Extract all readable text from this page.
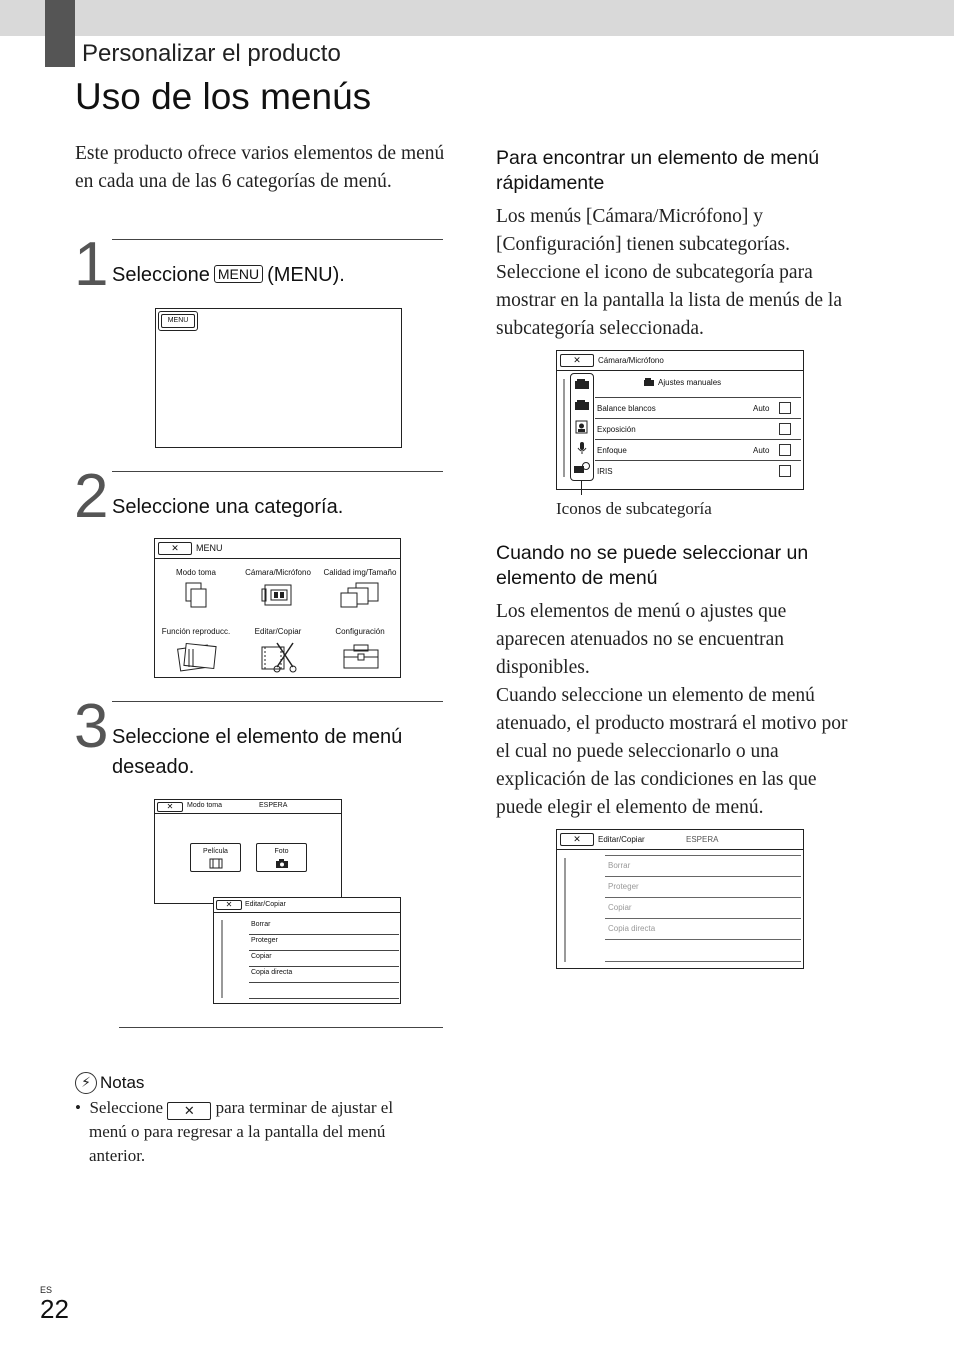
Personalizar el producto
Uso de los menús

Este producto ofrece varios elementos de menú en cada una de las 6 categorías de menú.

1 Seleccione MENU (MENU).
MENU
2 Seleccione una categoría.
✕	MENU
Modo toma	Cámara/Micrófono	Calidad img/Tamaño
Función reproducc.	Editar/Copiar	Configuración
3 Seleccione el elemento de menú deseado.
✕	Modo toma	ESPERA
Película	Foto
✕	Editar/Copiar
Borrar
Proteger
Copiar
Copia directa
⚡ Notas

• Seleccione ✕ para terminar de ajustar el menú o para regresar a la pantalla del menú anterior.

Para encontrar un elemento de menú rápidamente

Los menús [Cámara/Micrófono] y [Configuración] tienen subcategorías. Seleccione el icono de subcategoría para mostrar en la pantalla la lista de menús de la subcategoría seleccionada.

✕	Cámara/Micrófono
Ajustes manuales
Balance blancos	Auto
Exposición
Enfoque	Auto
IRIS
Iconos de subcategoría
Cuando no se puede seleccionar un elemento de menú

Los elementos de menú o ajustes que aparecen atenuados no se encuentran disponibles.
Cuando seleccione un elemento de menú atenuado, el producto mostrará el motivo por el cual no puede seleccionarlo o una explicación de las condiciones en las que puede elegir el elemento de menú.

✕	Editar/Copiar	ESPERA
Borrar
Proteger
Copiar
Copia directa
ES
22
